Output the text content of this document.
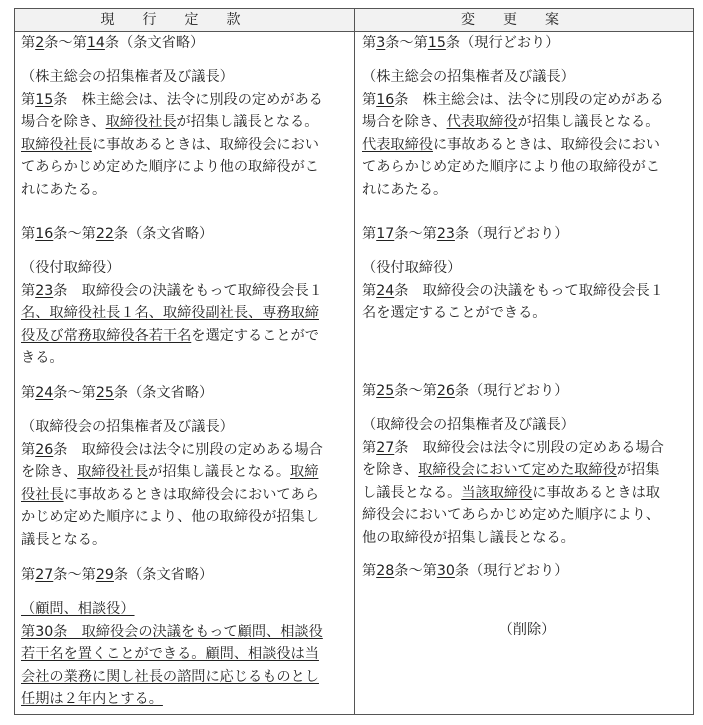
現行定款	変更案
第2条～第14条（条文省略）
（株主総会の招集権者及び議長）
第15条　株主総会は、法令に別段の定めがある
場合を除き、取締役社長が招集し議長となる。
取締役社長に事故あるときは、取締役会におい
てあらかじめ定めた順序により他の取締役がこ
れにあたる。
第16条～第22条（条文省略）
（役付取締役）
第23条　取締役会の決議をもって取締役会長１
名、取締役社長１名、取締役副社長、専務取締
役及び常務取締役各若干名を選定することがで
きる。
第24条～第25条（条文省略）
（取締役会の招集権者及び議長）
第26条　取締役会は法令に別段の定めある場合
を除き、取締役社長が招集し議長となる。取締
役社長に事故あるときは取締役会においてあら
かじめ定めた順序により、他の取締役が招集し
議長となる。
第27条～第29条（条文省略）
（顧問、相談役）
第30条　取締役会の決議をもって顧問、相談役
若干名を置くことができる。顧問、相談役は当
会社の業務に関し社長の諮問に応じるものとし
任期は２年内とする。
第3条～第15条（現行どおり）
（株主総会の招集権者及び議長）
第16条　株主総会は、法令に別段の定めがある
場合を除き、代表取締役が招集し議長となる。
代表取締役に事故あるときは、取締役会におい
てあらかじめ定めた順序により他の取締役がこ
れにあたる。
第17条～第23条（現行どおり）
（役付取締役）
第24条　取締役会の決議をもって取締役会長１
名を選定することができる。
第25条～第26条（現行どおり）
（取締役会の招集権者及び議長）
第27条　取締役会は法令に別段の定めある場合
を除き、取締役会において定めた取締役が招集
し議長となる。当該取締役に事故あるときは取
締役会においてあらかじめ定めた順序により、
他の取締役が招集し議長となる。
第28条～第30条（現行どおり）
（削除）
